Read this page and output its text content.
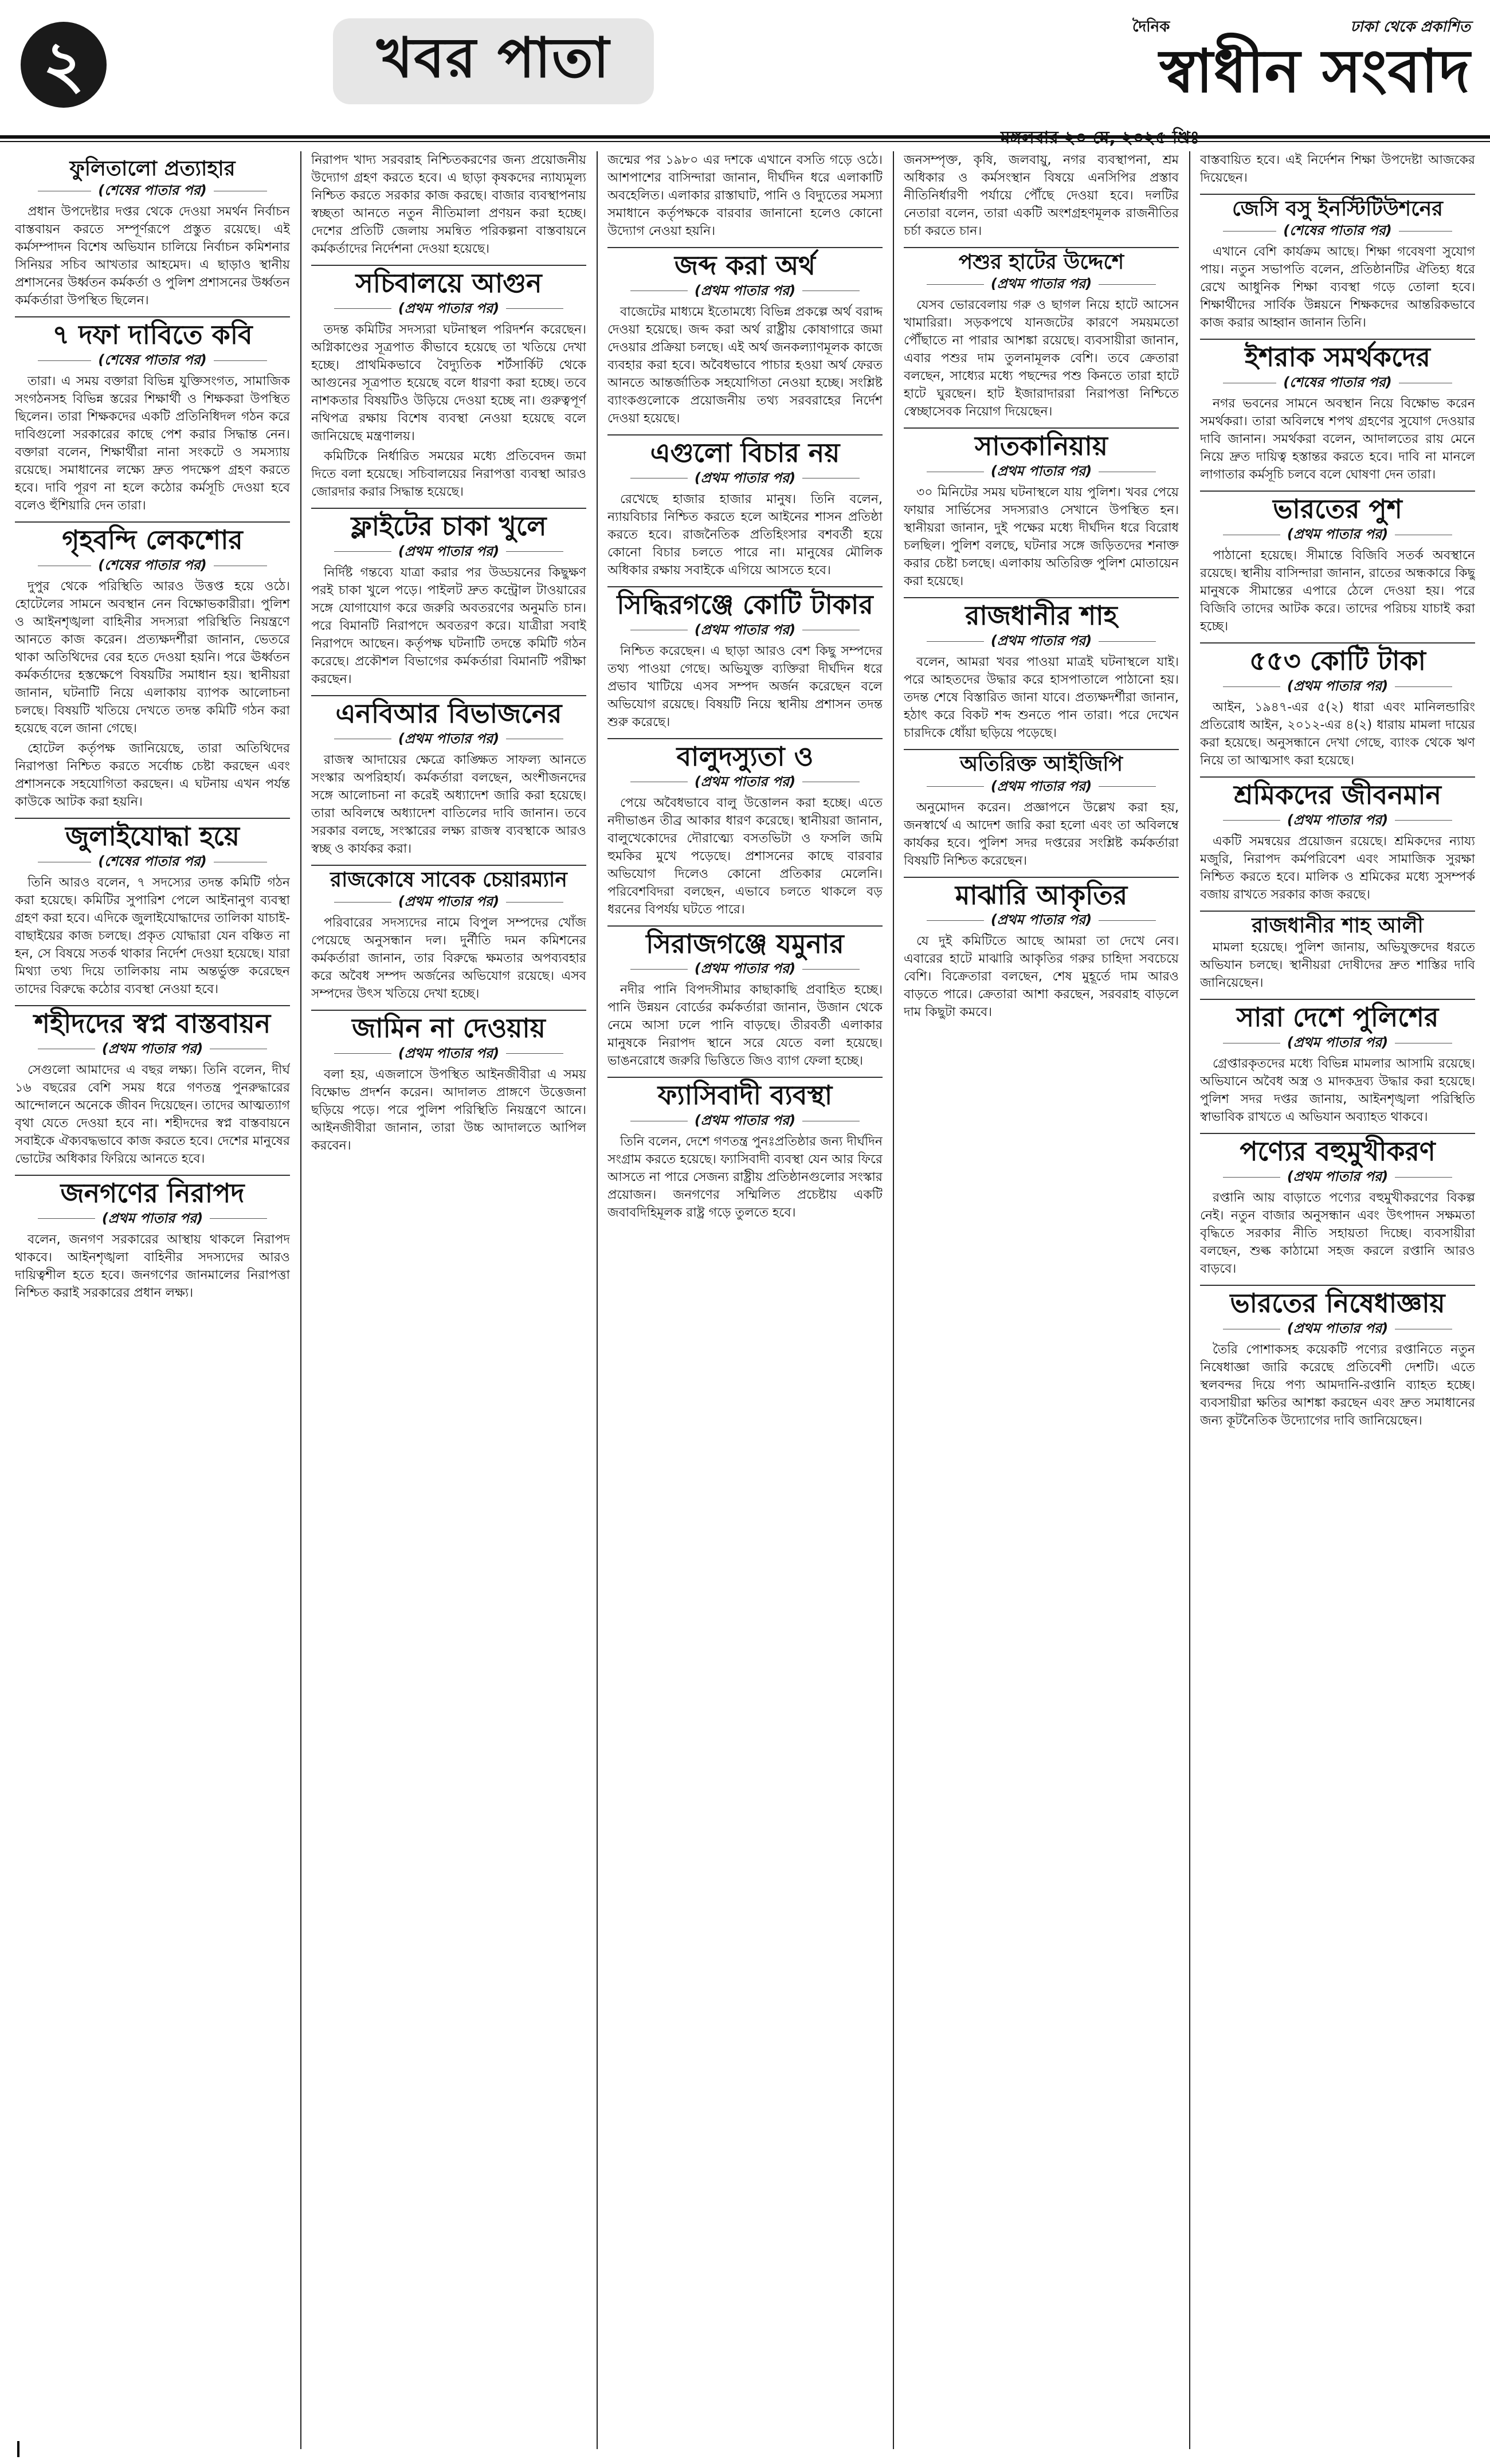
২	খবর পাতা	দৈনিক	ঢাকা থেকে প্রকাশিত
স্বাধীন সংবাদ
মঙ্গলবার ২০ মে, ২০২৫ খ্রিঃ
ফুলিতালো প্রত্যাহার
(শেষের পাতার পর)

প্রধান উপদেষ্টার দপ্তর থেকে দেওয়া সমর্থন নির্বাচন বাস্তবায়ন করতে সম্পূর্ণরূপে প্রস্তুত রয়েছে। এই কর্মসম্পাদন বিশেষ অভিযান চালিয়ে নির্বাচন কমিশনার সিনিয়র সচিব আখতার আহমেদ। এ ছাড়াও স্থানীয় প্রশাসনের উর্ধ্বতন কর্মকর্তা ও পুলিশ প্রশাসনের উর্ধ্বতন কর্মকর্তারা উপস্থিত ছিলেন।

৭ দফা দাবিতে কবি
(শেষের পাতার পর)

তারা। এ সময় বক্তারা বিভিন্ন যুক্তিসংগত, সামাজিক সংগঠনসহ বিভিন্ন স্তরের শিক্ষার্থী ও শিক্ষকরা উপস্থিত ছিলেন। তারা শিক্ষকদের একটি প্রতিনিধিদল গঠন করে দাবিগুলো সরকারের কাছে পেশ করার সিদ্ধান্ত নেন। বক্তারা বলেন, শিক্ষার্থীরা নানা সংকটে ও সমস্যায় রয়েছে। সমাধানের লক্ষ্যে দ্রুত পদক্ষেপ গ্রহণ করতে হবে। দাবি পূরণ না হলে কঠোর কর্মসূচি দেওয়া হবে বলেও হুঁশিয়ারি দেন তারা।

গৃহবন্দি লেকশোর
(শেষের পাতার পর)

দুপুর থেকে পরিস্থিতি আরও উত্তপ্ত হয়ে ওঠে। হোটেলের সামনে অবস্থান নেন বিক্ষোভকারীরা। পুলিশ ও আইনশৃঙ্খলা বাহিনীর সদস্যরা পরিস্থিতি নিয়ন্ত্রণে আনতে কাজ করেন। প্রত্যক্ষদর্শীরা জানান, ভেতরে থাকা অতিথিদের বের হতে দেওয়া হয়নি। পরে ঊর্ধ্বতন কর্মকর্তাদের হস্তক্ষেপে বিষয়টির সমাধান হয়। স্থানীয়রা জানান, ঘটনাটি নিয়ে এলাকায় ব্যাপক আলোচনা চলছে। বিষয়টি খতিয়ে দেখতে তদন্ত কমিটি গঠন করা হয়েছে বলে জানা গেছে।

হোটেল কর্তৃপক্ষ জানিয়েছে, তারা অতিথিদের নিরাপত্তা নিশ্চিত করতে সর্বোচ্চ চেষ্টা করছেন এবং প্রশাসনকে সহযোগিতা করছেন। এ ঘটনায় এখন পর্যন্ত কাউকে আটক করা হয়নি।

জুলাইযোদ্ধা হয়ে
(শেষের পাতার পর)

তিনি আরও বলেন, ৭ সদস্যের তদন্ত কমিটি গঠন করা হয়েছে। কমিটির সুপারিশ পেলে আইনানুগ ব্যবস্থা গ্রহণ করা হবে। এদিকে জুলাইযোদ্ধাদের তালিকা যাচাই-বাছাইয়ের কাজ চলছে। প্রকৃত যোদ্ধারা যেন বঞ্চিত না হন, সে বিষয়ে সতর্ক থাকার নির্দেশ দেওয়া হয়েছে। যারা মিথ্যা তথ্য দিয়ে তালিকায় নাম অন্তর্ভুক্ত করেছেন তাদের বিরুদ্ধে কঠোর ব্যবস্থা নেওয়া হবে।

শহীদদের স্বপ্ন বাস্তবায়ন
(প্রথম পাতার পর)

সেগুলো আমাদের এ বছর লক্ষ্য। তিনি বলেন, দীর্ঘ ১৬ বছরের বেশি সময় ধরে গণতন্ত্র পুনরুদ্ধারের আন্দোলনে অনেকে জীবন দিয়েছেন। তাদের আত্মত্যাগ বৃথা যেতে দেওয়া হবে না। শহীদদের স্বপ্ন বাস্তবায়নে সবাইকে ঐক্যবদ্ধভাবে কাজ করতে হবে। দেশের মানুষের ভোটের অধিকার ফিরিয়ে আনতে হবে।

জনগণের নিরাপদ
(প্রথম পাতার পর)

বলেন, জনগণ সরকারের আস্থায় থাকলে নিরাপদ থাকবে। আইনশৃঙ্খলা বাহিনীর সদস্যদের আরও দায়িত্বশীল হতে হবে। জনগণের জানমালের নিরাপত্তা নিশ্চিত করাই সরকারের প্রধান লক্ষ্য।

নিরাপদ খাদ্য সরবরাহ নিশ্চিতকরণের জন্য প্রয়োজনীয় উদ্যোগ গ্রহণ করতে হবে। এ ছাড়া কৃষকদের ন্যায্যমূল্য নিশ্চিত করতে সরকার কাজ করছে। বাজার ব্যবস্থাপনায় স্বচ্ছতা আনতে নতুন নীতিমালা প্রণয়ন করা হচ্ছে। দেশের প্রতিটি জেলায় সমন্বিত পরিকল্পনা বাস্তবায়নে কর্মকর্তাদের নির্দেশনা দেওয়া হয়েছে।

সচিবালয়ে আগুন
(প্রথম পাতার পর)

তদন্ত কমিটির সদস্যরা ঘটনাস্থল পরিদর্শন করেছেন। অগ্নিকাণ্ডের সূত্রপাত কীভাবে হয়েছে তা খতিয়ে দেখা হচ্ছে। প্রাথমিকভাবে বৈদ্যুতিক শর্টসার্কিট থেকে আগুনের সূত্রপাত হয়েছে বলে ধারণা করা হচ্ছে। তবে নাশকতার বিষয়টিও উড়িয়ে দেওয়া হচ্ছে না। গুরুত্বপূর্ণ নথিপত্র রক্ষায় বিশেষ ব্যবস্থা নেওয়া হয়েছে বলে জানিয়েছে মন্ত্রণালয়।

কমিটিকে নির্ধারিত সময়ের মধ্যে প্রতিবেদন জমা দিতে বলা হয়েছে। সচিবালয়ের নিরাপত্তা ব্যবস্থা আরও জোরদার করার সিদ্ধান্ত হয়েছে।

ফ্লাইটের চাকা খুলে
(প্রথম পাতার পর)

নির্দিষ্ট গন্তব্যে যাত্রা করার পর উড্ডয়নের কিছুক্ষণ পরই চাকা খুলে পড়ে। পাইলট দ্রুত কন্ট্রোল টাওয়ারের সঙ্গে যোগাযোগ করে জরুরি অবতরণের অনুমতি চান। পরে বিমানটি নিরাপদে অবতরণ করে। যাত্রীরা সবাই নিরাপদে আছেন। কর্তৃপক্ষ ঘটনাটি তদন্তে কমিটি গঠন করেছে। প্রকৌশল বিভাগের কর্মকর্তারা বিমানটি পরীক্ষা করছেন।

এনবিআর বিভাজনের
(প্রথম পাতার পর)

রাজস্ব আদায়ের ক্ষেত্রে কাঙ্ক্ষিত সাফল্য আনতে সংস্কার অপরিহার্য। কর্মকর্তারা বলছেন, অংশীজনদের সঙ্গে আলোচনা না করেই অধ্যাদেশ জারি করা হয়েছে। তারা অবিলম্বে অধ্যাদেশ বাতিলের দাবি জানান। তবে সরকার বলছে, সংস্কারের লক্ষ্য রাজস্ব ব্যবস্থাকে আরও স্বচ্ছ ও কার্যকর করা।

রাজকোষে সাবেক চেয়ারম্যান
(প্রথম পাতার পর)

পরিবারের সদস্যদের নামে বিপুল সম্পদের খোঁজ পেয়েছে অনুসন্ধান দল। দুর্নীতি দমন কমিশনের কর্মকর্তারা জানান, তার বিরুদ্ধে ক্ষমতার অপব্যবহার করে অবৈধ সম্পদ অর্জনের অভিযোগ রয়েছে। এসব সম্পদের উৎস খতিয়ে দেখা হচ্ছে।

জামিন না দেওয়ায়
(প্রথম পাতার পর)

বলা হয়, এজলাসে উপস্থিত আইনজীবীরা এ সময় বিক্ষোভ প্রদর্শন করেন। আদালত প্রাঙ্গণে উত্তেজনা ছড়িয়ে পড়ে। পরে পুলিশ পরিস্থিতি নিয়ন্ত্রণে আনে। আইনজীবীরা জানান, তারা উচ্চ আদালতে আপিল করবেন।

জন্মের পর ১৯৮০ এর দশকে এখানে বসতি গড়ে ওঠে। আশপাশের বাসিন্দারা জানান, দীর্ঘদিন ধরে এলাকাটি অবহেলিত। এলাকার রাস্তাঘাট, পানি ও বিদ্যুতের সমস্যা সমাধানে কর্তৃপক্ষকে বারবার জানানো হলেও কোনো উদ্যোগ নেওয়া হয়নি।

জব্দ করা অর্থ
(প্রথম পাতার পর)

বাজেটের মাধ্যমে ইতোমধ্যে বিভিন্ন প্রকল্পে অর্থ বরাদ্দ দেওয়া হয়েছে। জব্দ করা অর্থ রাষ্ট্রীয় কোষাগারে জমা দেওয়ার প্রক্রিয়া চলছে। এই অর্থ জনকল্যাণমূলক কাজে ব্যবহার করা হবে। অবৈধভাবে পাচার হওয়া অর্থ ফেরত আনতে আন্তর্জাতিক সহযোগিতা নেওয়া হচ্ছে। সংশ্লিষ্ট ব্যাংকগুলোকে প্রয়োজনীয় তথ্য সরবরাহের নির্দেশ দেওয়া হয়েছে।

এগুলো বিচার নয়
(প্রথম পাতার পর)

রেখেছে হাজার হাজার মানুষ। তিনি বলেন, ন্যায়বিচার নিশ্চিত করতে হলে আইনের শাসন প্রতিষ্ঠা করতে হবে। রাজনৈতিক প্রতিহিংসার বশবর্তী হয়ে কোনো বিচার চলতে পারে না। মানুষের মৌলিক অধিকার রক্ষায় সবাইকে এগিয়ে আসতে হবে।

সিদ্ধিরগঞ্জে কোটি টাকার
(প্রথম পাতার পর)

নিশ্চিত করেছেন। এ ছাড়া আরও বেশ কিছু সম্পদের তথ্য পাওয়া গেছে। অভিযুক্ত ব্যক্তিরা দীর্ঘদিন ধরে প্রভাব খাটিয়ে এসব সম্পদ অর্জন করেছেন বলে অভিযোগ রয়েছে। বিষয়টি নিয়ে স্থানীয় প্রশাসন তদন্ত শুরু করেছে।

বালুদস্যুতা ও
(প্রথম পাতার পর)

পেয়ে অবৈধভাবে বালু উত্তোলন করা হচ্ছে। এতে নদীভাঙন তীব্র আকার ধারণ করেছে। স্থানীয়রা জানান, বালুখেকোদের দৌরাত্ম্যে বসতভিটা ও ফসলি জমি হুমকির মুখে পড়েছে। প্রশাসনের কাছে বারবার অভিযোগ দিলেও কোনো প্রতিকার মেলেনি। পরিবেশবিদরা বলছেন, এভাবে চলতে থাকলে বড় ধরনের বিপর্যয় ঘটতে পারে।

সিরাজগঞ্জে যমুনার
(প্রথম পাতার পর)

নদীর পানি বিপদসীমার কাছাকাছি প্রবাহিত হচ্ছে। পানি উন্নয়ন বোর্ডের কর্মকর্তারা জানান, উজান থেকে নেমে আসা ঢলে পানি বাড়ছে। তীরবর্তী এলাকার মানুষকে নিরাপদ স্থানে সরে যেতে বলা হয়েছে। ভাঙনরোধে জরুরি ভিত্তিতে জিও ব্যাগ ফেলা হচ্ছে।

ফ্যাসিবাদী ব্যবস্থা
(প্রথম পাতার পর)

তিনি বলেন, দেশে গণতন্ত্র পুনঃপ্রতিষ্ঠার জন্য দীর্ঘদিন সংগ্রাম করতে হয়েছে। ফ্যাসিবাদী ব্যবস্থা যেন আর ফিরে আসতে না পারে সেজন্য রাষ্ট্রীয় প্রতিষ্ঠানগুলোর সংস্কার প্রয়োজন। জনগণের সম্মিলিত প্রচেষ্টায় একটি জবাবদিহিমূলক রাষ্ট্র গড়ে তুলতে হবে।

জনসম্পৃক্ত, কৃষি, জলবায়ু, নগর ব্যবস্থাপনা, শ্রম অধিকার ও কর্মসংস্থান বিষয়ে এনসিপির প্রস্তাব নীতিনির্ধারণী পর্যায়ে পৌঁছে দেওয়া হবে। দলটির নেতারা বলেন, তারা একটি অংশগ্রহণমূলক রাজনীতির চর্চা করতে চান।

পশুর হাটের উদ্দেশে
(প্রথম পাতার পর)

যেসব ভোরবেলায় গরু ও ছাগল নিয়ে হাটে আসেন খামারিরা। সড়কপথে যানজটের কারণে সময়মতো পৌঁছাতে না পারার আশঙ্কা রয়েছে। ব্যবসায়ীরা জানান, এবার পশুর দাম তুলনামূলক বেশি। তবে ক্রেতারা বলছেন, সাধ্যের মধ্যে পছন্দের পশু কিনতে তারা হাটে হাটে ঘুরছেন। হাট ইজারাদাররা নিরাপত্তা নিশ্চিতে স্বেচ্ছাসেবক নিয়োগ দিয়েছেন।

সাতকানিয়ায়
(প্রথম পাতার পর)

৩০ মিনিটের সময় ঘটনাস্থলে যায় পুলিশ। খবর পেয়ে ফায়ার সার্ভিসের সদস্যরাও সেখানে উপস্থিত হন। স্থানীয়রা জানান, দুই পক্ষের মধ্যে দীর্ঘদিন ধরে বিরোধ চলছিল। পুলিশ বলছে, ঘটনার সঙ্গে জড়িতদের শনাক্ত করার চেষ্টা চলছে। এলাকায় অতিরিক্ত পুলিশ মোতায়েন করা হয়েছে।

রাজধানীর শাহ
(প্রথম পাতার পর)

বলেন, আমরা খবর পাওয়া মাত্রই ঘটনাস্থলে যাই। পরে আহতদের উদ্ধার করে হাসপাতালে পাঠানো হয়। তদন্ত শেষে বিস্তারিত জানা যাবে। প্রত্যক্ষদর্শীরা জানান, হঠাৎ করে বিকট শব্দ শুনতে পান তারা। পরে দেখেন চারদিকে ধোঁয়া ছড়িয়ে পড়েছে।

অতিরিক্ত আইজিপি
(প্রথম পাতার পর)

অনুমোদন করেন। প্রজ্ঞাপনে উল্লেখ করা হয়, জনস্বার্থে এ আদেশ জারি করা হলো এবং তা অবিলম্বে কার্যকর হবে। পুলিশ সদর দপ্তরের সংশ্লিষ্ট কর্মকর্তারা বিষয়টি নিশ্চিত করেছেন।

মাঝারি আকৃতির
(প্রথম পাতার পর)

যে দুই কমিটিতে আছে আমরা তা দেখে নেব। এবারের হাটে মাঝারি আকৃতির গরুর চাহিদা সবচেয়ে বেশি। বিক্রেতারা বলছেন, শেষ মুহূর্তে দাম আরও বাড়তে পারে। ক্রেতারা আশা করছেন, সরবরাহ বাড়লে দাম কিছুটা কমবে।

বাস্তবায়িত হবে। এই নির্দেশন শিক্ষা উপদেষ্টা আজকের দিয়েছেন।

জেসি বসু ইনস্টিটিউশনের
(শেষের পাতার পর)

এখানে বেশি কার্যক্রম আছে। শিক্ষা গবেষণা সুযোগ পায়। নতুন সভাপতি বলেন, প্রতিষ্ঠানটির ঐতিহ্য ধরে রেখে আধুনিক শিক্ষা ব্যবস্থা গড়ে তোলা হবে। শিক্ষার্থীদের সার্বিক উন্নয়নে শিক্ষকদের আন্তরিকভাবে কাজ করার আহ্বান জানান তিনি।

ইশরাক সমর্থকদের
(শেষের পাতার পর)

নগর ভবনের সামনে অবস্থান নিয়ে বিক্ষোভ করেন সমর্থকরা। তারা অবিলম্বে শপথ গ্রহণের সুযোগ দেওয়ার দাবি জানান। সমর্থকরা বলেন, আদালতের রায় মেনে নিয়ে দ্রুত দায়িত্ব হস্তান্তর করতে হবে। দাবি না মানলে লাগাতার কর্মসূচি চলবে বলে ঘোষণা দেন তারা।

ভারতের পুশ
(প্রথম পাতার পর)

পাঠানো হয়েছে। সীমান্তে বিজিবি সতর্ক অবস্থানে রয়েছে। স্থানীয় বাসিন্দারা জানান, রাতের অন্ধকারে কিছু মানুষকে সীমান্তের এপারে ঠেলে দেওয়া হয়। পরে বিজিবি তাদের আটক করে। তাদের পরিচয় যাচাই করা হচ্ছে।

৫৫৩ কোটি টাকা
(প্রথম পাতার পর)

আইন, ১৯৪৭-এর ৫(২) ধারা এবং মানিলন্ডারিং প্রতিরোধ আইন, ২০১২-এর ৪(২) ধারায় মামলা দায়ের করা হয়েছে। অনুসন্ধানে দেখা গেছে, ব্যাংক থেকে ঋণ নিয়ে তা আত্মসাৎ করা হয়েছে।

শ্রমিকদের জীবনমান
(প্রথম পাতার পর)

একটি সমন্বয়ের প্রয়োজন রয়েছে। শ্রমিকদের ন্যায্য মজুরি, নিরাপদ কর্মপরিবেশ এবং সামাজিক সুরক্ষা নিশ্চিত করতে হবে। মালিক ও শ্রমিকের মধ্যে সুসম্পর্ক বজায় রাখতে সরকার কাজ করছে।

রাজধানীর শাহ আলী

মামলা হয়েছে। পুলিশ জানায়, অভিযুক্তদের ধরতে অভিযান চলছে। স্থানীয়রা দোষীদের দ্রুত শাস্তির দাবি জানিয়েছেন।

সারা দেশে পুলিশের
(প্রথম পাতার পর)

গ্রেপ্তারকৃতদের মধ্যে বিভিন্ন মামলার আসামি রয়েছে। অভিযানে অবৈধ অস্ত্র ও মাদকদ্রব্য উদ্ধার করা হয়েছে। পুলিশ সদর দপ্তর জানায়, আইনশৃঙ্খলা পরিস্থিতি স্বাভাবিক রাখতে এ অভিযান অব্যাহত থাকবে।

পণ্যের বহুমুখীকরণ
(প্রথম পাতার পর)

রপ্তানি আয় বাড়াতে পণ্যের বহুমুখীকরণের বিকল্প নেই। নতুন বাজার অনুসন্ধান এবং উৎপাদন সক্ষমতা বৃদ্ধিতে সরকার নীতি সহায়তা দিচ্ছে। ব্যবসায়ীরা বলছেন, শুল্ক কাঠামো সহজ করলে রপ্তানি আরও বাড়বে।

ভারতের নিষেধাজ্ঞায়
(প্রথম পাতার পর)

তৈরি পোশাকসহ কয়েকটি পণ্যের রপ্তানিতে নতুন নিষেধাজ্ঞা জারি করেছে প্রতিবেশী দেশটি। এতে স্থলবন্দর দিয়ে পণ্য আমদানি-রপ্তানি ব্যাহত হচ্ছে। ব্যবসায়ীরা ক্ষতির আশঙ্কা করছেন এবং দ্রুত সমাধানের জন্য কূটনৈতিক উদ্যোগের দাবি জানিয়েছেন।
